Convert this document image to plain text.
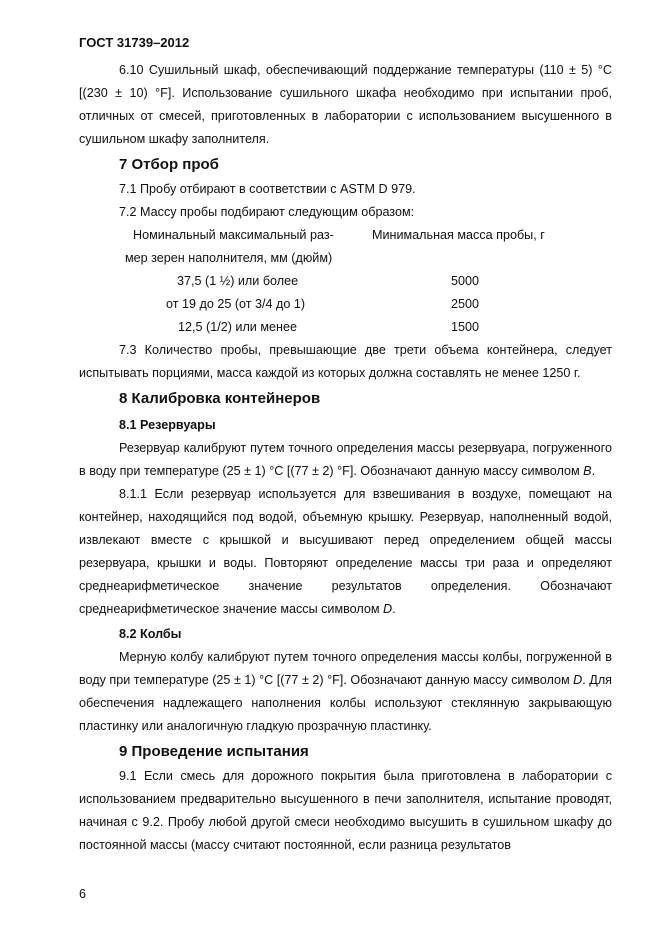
ГОСТ 31739–2012

6.10 Сушильный шкаф, обеспечивающий поддержание температуры (110 ± 5) °С [(230 ± 10) °F]. Использование сушильного шкафа необходимо при испытании проб, отличных от смесей, приготовленных в лаборатории с использованием высушенного в сушильном шкафу заполнителя.

7 Отбор проб

7.1 Пробу отбирают в соответствии с ASTM D 979.

7.2 Массу пробы подбирают следующим образом:

Номинальный максимальный раз-
мер зерен наполнителя, мм (дюйм)
Минимальная масса пробы, г
37,5 (1 ½) или более	5000
от 19 до 25 (от 3/4 до 1)	2500
12,5 (1/2) или менее	1500

7.3 Количество пробы, превышающие две трети объема контейнера, следует испытывать порциями, масса каждой из которых должна составлять не менее 1250 г.

8 Калибровка контейнеров
8.1 Резервуары

Резервуар калибруют путем точного определения массы резервуара, погруженного в воду при температуре (25 ± 1) °С [(77 ± 2) °F]. Обозначают данную массу символом B.

8.1.1 Если резервуар используется для взвешивания в воздухе, помещают на контейнер, находящийся под водой, объемную крышку. Резервуар, наполненный водой, извлекают вместе с крышкой и высушивают перед определением общей массы резервуара, крышки и воды. Повторяют определение массы три раза и определяют среднеарифметическое значение результатов определения. Обозначают среднеарифметическое значение массы символом D.

8.2 Колбы

Мерную колбу калибруют путем точного определения массы колбы, погруженной в воду при температуре (25 ± 1) °С [(77 ± 2) °F]. Обозначают данную массу символом D. Для обеспечения надлежащего наполнения колбы используют стеклянную закрывающую пластинку или аналогичную гладкую прозрачную пластинку.

9 Проведение испытания

9.1 Если смесь для дорожного покрытия была приготовлена в лаборатории с использованием предварительно высушенного в печи заполнителя, испытание проводят, начиная с 9.2. Пробу любой другой смеси необходимо высушить в сушильном шкафу до постоянной массы (массу считают постоянной, если разница результатов

6
